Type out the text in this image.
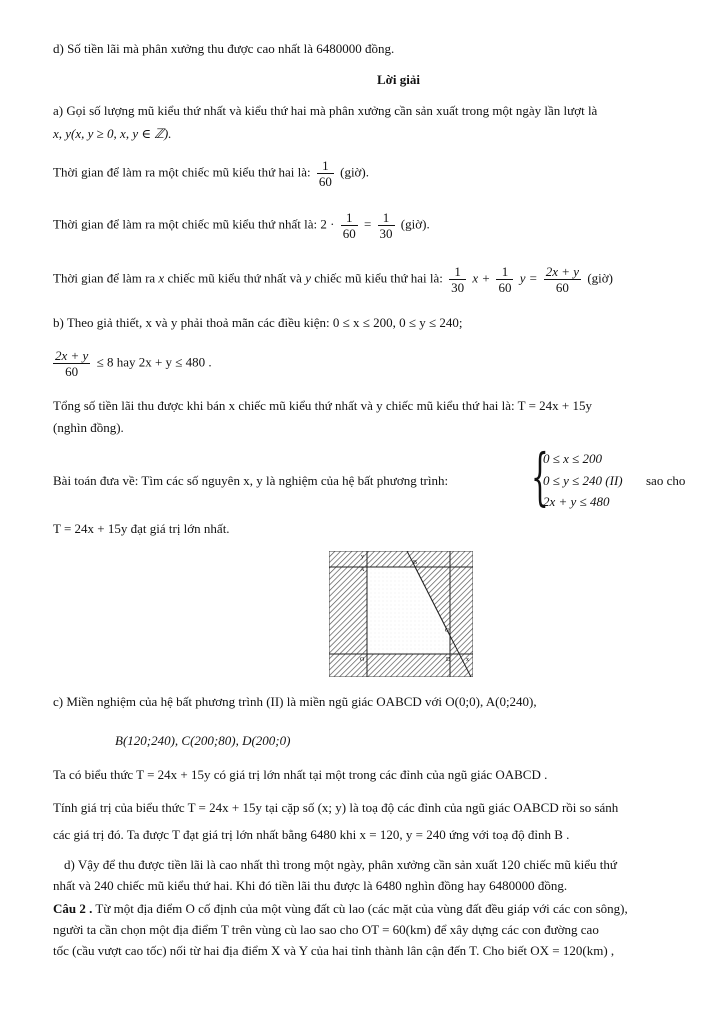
d) Số tiền lãi mà phân xưởng thu được cao nhất là 6480000 đồng.
Lời giải
a) Gọi số lượng mũ kiểu thứ nhất và kiểu thứ hai mà phân xưởng cần sản xuất trong một ngày lần lượt là
x, y(x, y ≥ 0, x, y ∈ ℤ).
Thời gian để làm ra một chiếc mũ kiểu thứ hai là: $\frac{1}{60}$ (giờ).
Thời gian để làm ra một chiếc mũ kiểu thứ nhất là: $2 \cdot \frac{1}{60} = \frac{1}{30}$ (giờ).
Thời gian để làm ra x chiếc mũ kiểu thứ nhất và y chiếc mũ kiểu thứ hai là: $\frac{1}{30}$ $x + \frac{1}{60}$ $y = \frac{2x + y}{60}$ (giờ)
b) Theo giả thiết, x và y phải thoả mãn các điều kiện: 0 ≤ x ≤ 200, 0 ≤ y ≤ 240;
$\frac{2x + y}{60} \le 8$ hay 2x + y ≤ 480 .
Tổng số tiền lãi thu được khi bán x chiếc mũ kiểu thứ nhất và y chiếc mũ kiểu thứ hai là: T = 24x + 15y
(nghìn đồng).
Bài toán đưa về: Tìm các số nguyên x, y là nghiệm của hệ bất phương trình: {
0 ≤ x ≤ 200
0 ≤ y ≤ 240 (II)
2x + y ≤ 480
sao cho
T = 24x + 15y đạt giá trị lớn nhất.
y
x
A
B
C
D
O
c) Miền nghiệm của hệ bất phương trình (II) là miền ngũ giác OABCD với O(0;0), A(0;240),
B(120;240), C(200;80), D(200;0)
Ta có biểu thức T = 24x + 15y có giá trị lớn nhất tại một trong các đỉnh của ngũ giác OABCD .
Tính giá trị của biểu thức T = 24x + 15y tại cặp số (x; y) là toạ độ các đỉnh của ngũ giác OABCD rồi so sánh
các giá trị đó. Ta được T đạt giá trị lớn nhất bằng 6480 khi x = 120, y = 240 ứng với toạ độ đỉnh B .
d) Vậy để thu được tiền lãi là cao nhất thì trong một ngày, phân xưởng cần sản xuất 120 chiếc mũ kiểu thứ
nhất và 240 chiếc mũ kiểu thứ hai. Khi đó tiền lãi thu được là 6480 nghìn đồng hay 6480000 đồng.
Câu 2 . Từ một địa điểm O cố định của một vùng đất cù lao (các mặt của vùng đất đều giáp với các con sông),
người ta cần chọn một địa điểm T trên vùng cù lao sao cho OT = 60(km) để xây dựng các con đường cao
tốc (cầu vượt cao tốc) nối từ hai địa điểm X và Y của hai tỉnh thành lân cận đến T. Cho biết OX = 120(km) ,
